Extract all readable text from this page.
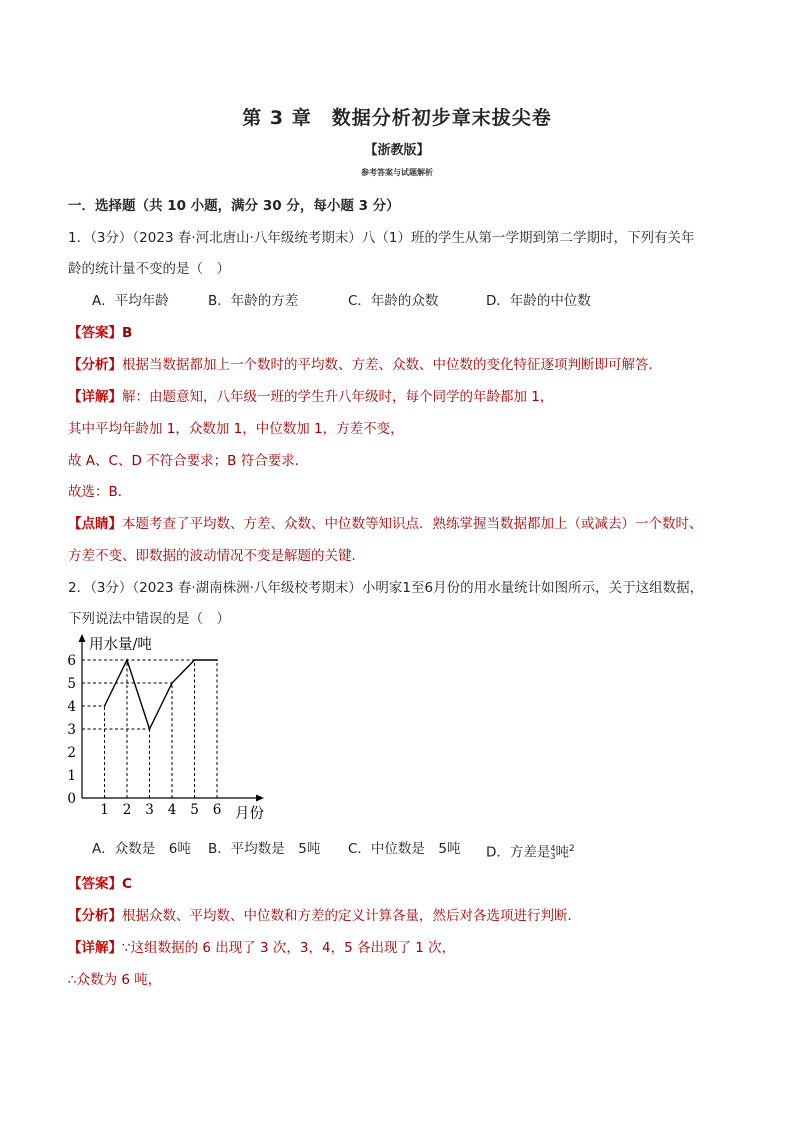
第 3 章　数据分析初步章末拔尖卷
【浙教版】
参考答案与试题解析
一．选择题（共 10 小题，满分 30 分，每小题 3 分）
1．（3分）（2023 春·河北唐山·八年级统考期末）八（1）班的学生从第一学期到第二学期时，下列有关年
龄的统计量不变的是（　）
A．平均年龄	B．年龄的方差	C．年龄的众数	D．年龄的中位数
【答案】B
【分析】根据当数据都加上一个数时的平均数、方差、众数、中位数的变化特征逐项判断即可解答．
【详解】解：由题意知，八年级一班的学生升八年级时，每个同学的年龄都加 1，
其中平均年龄加 1，众数加 1，中位数加 1，方差不变，
故 A、C、D 不符合要求；B 符合要求．
故选：B．
【点睛】本题考查了平均数、方差、众数、中位数等知识点．熟练掌握当数据都加上（或减去）一个数时、
方差不变、即数据的波动情况不变是解题的关键．
2．（3分）（2023 春·湖南株洲·八年级校考期末）小明家1至6月份的用水量统计如图所示，关于这组数据，
下列说法中错误的是（　）
用水量/吨
月份
0
1
2
3
4
5
6
1 2 3 4 5 6
A．众数是　6吨 B．平均数是　5吨 C．中位数是　5吨 D．方差是4
3吨$^2$
【答案】C
【分析】根据众数、平均数、中位数和方差的定义计算各量，然后对各选项进行判断．
【详解】∵这组数据的 6 出现了 3 次，3，4，5 各出现了 1 次，
∴众数为 6 吨，
